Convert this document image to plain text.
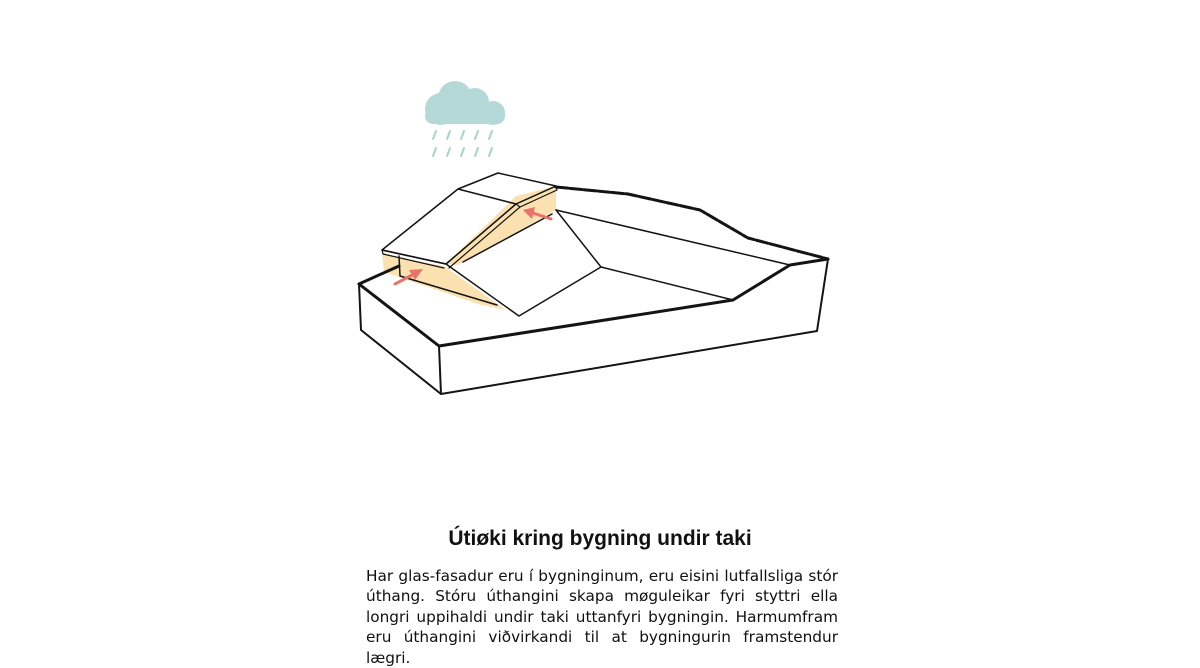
Útiøki kring bygning undir taki

Har glas-fasadur eru í bygninginum, eru eisini lutfallsliga stór úthang. Stóru úthangini skapa møguleikar fyri styttri ella longri uppihaldi undir taki uttanfyri bygningin. Harmumfram eru úthangini viðvirkandi til at bygningurin framstendur lægri.
